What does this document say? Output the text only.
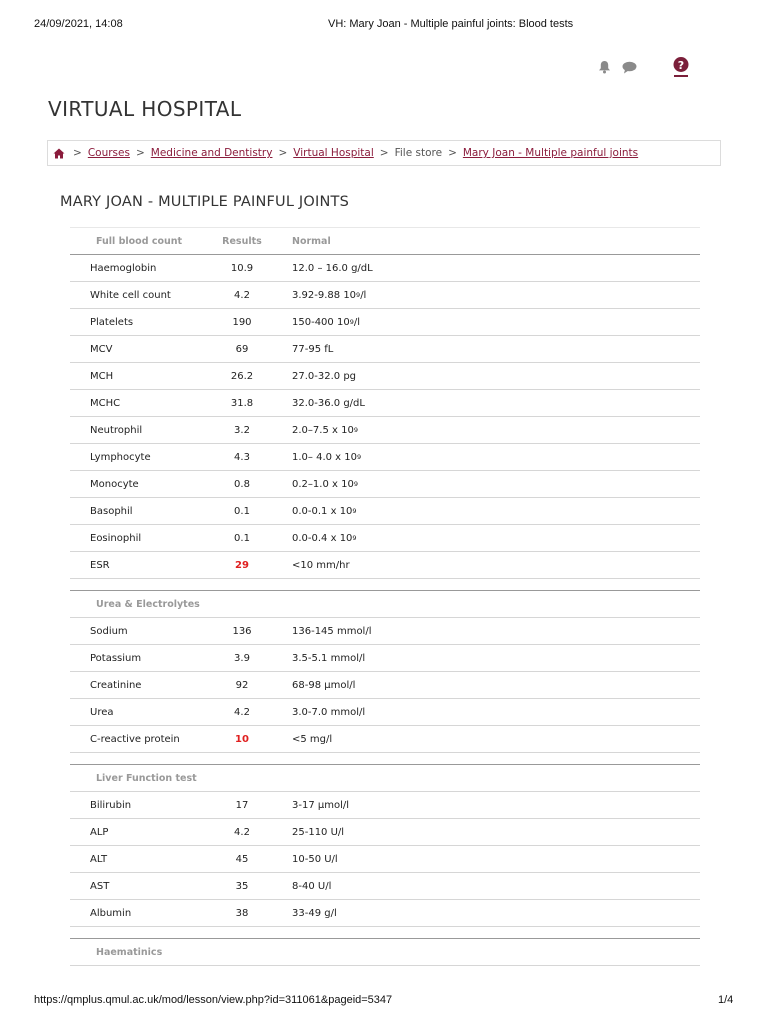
24/09/2021, 14:08	VH: Mary Joan - Multiple painful joints: Blood tests
?
VIRTUAL HOSPITAL
> Courses > Medicine and Dentistry > Virtual Hospital > File store > Mary Joan - Multiple painful joints
MARY JOAN - MULTIPLE PAINFUL JOINTS
Full blood count	Results	Normal
Haemoglobin	10.9	12.0 – 16.0 g/dL
White cell count	4.2	3.92-9.88 10 9 /l
Platelets	190	150-400 10 9 /l
MCV	69	77-95 fL
MCH	26.2	27.0-32.0 pg
MCHC	31.8	32.0-36.0 g/dL
Neutrophil	3.2	2.0–7.5 x 10 9
Lymphocyte	4.3	1.0– 4.0 x 10 9
Monocyte	0.8	0.2–1.0 x 10 9
Basophil	0.1	0.0-0.1 x 10 9
Eosinophil	0.1	0.0-0.4 x 10 9
ESR	29	<10 mm/hr
Urea & Electrolytes
Sodium	136	136-145 mmol/l
Potassium	3.9	3.5-5.1 mmol/l
Creatinine	92	68-98 µmol/l
Urea	4.2	3.0-7.0 mmol/l
C-reactive protein	10	<5 mg/l
Liver Function test
Bilirubin	17	3-17 µmol/l
ALP	4.2	25-110 U/l
ALT	45	10-50 U/l
AST	35	8-40 U/l
Albumin	38	33-49 g/l
Haematinics
https://qmplus.qmul.ac.uk/mod/lesson/view.php?id=311061&pageid=5347	1/4
